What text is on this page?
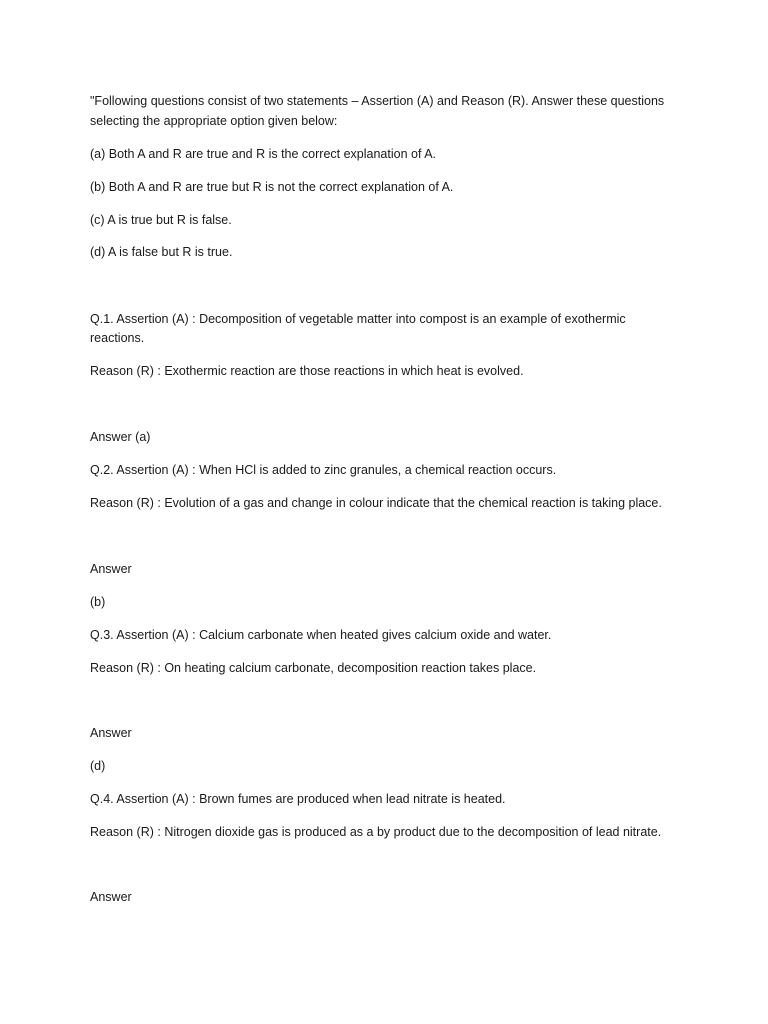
"Following questions consist of two statements – Assertion (A) and Reason (R). Answer these questions

selecting the appropriate option given below:

(a) Both A and R are true and R is the correct explanation of A.

(b) Both A and R are true but R is not the correct explanation of A.

(c) A is true but R is false.

(d) A is false but R is true.

Q.1. Assertion (A) : Decomposition of vegetable matter into compost is an example of exothermic

reactions.

Reason (R) : Exothermic reaction are those reactions in which heat is evolved.

Answer (a)

Q.2. Assertion (A) : When HCl is added to zinc granules, a chemical reaction occurs.

Reason (R) : Evolution of a gas and change in colour indicate that the chemical reaction is taking place.

Answer

(b)

Q.3. Assertion (A) : Calcium carbonate when heated gives calcium oxide and water.

Reason (R) : On heating calcium carbonate, decomposition reaction takes place.

Answer

(d)

Q.4. Assertion (A) : Brown fumes are produced when lead nitrate is heated.

Reason (R) : Nitrogen dioxide gas is produced as a by product due to the decomposition of lead nitrate.

Answer
